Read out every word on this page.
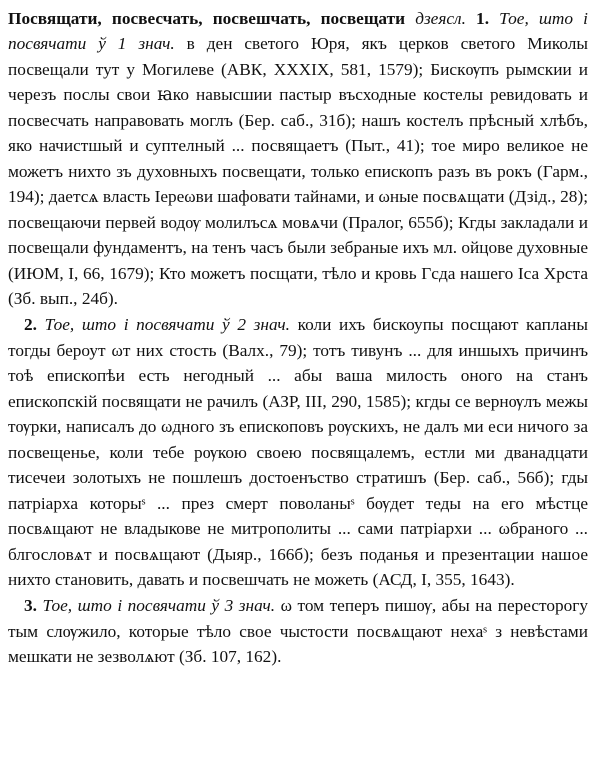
Посвящати, посвесчать, посвешчать, посвещати дзеясл. 1. Тое, што і посвячати ў 1 знач. в ден светого Юря, якъ церков светого Миколы посвещали тут у Могилеве (АВК, XXXIX, 581, 1579); Бискѹпъ рымскии и черезъ послы свои ꙗко навысшии пастыр въсходные костелы ревидовать и посвесчать направовать моглъ (Бер. саб., 31б); нашъ костелъ прѣсный хлѣбъ, яко начистшый и суптелный ... посвящаетъ (Пыт., 41); тое миро великое не можетъ нихто зъ духовныхъ посвещати, только епископъ разъ въ рокъ (Гарм., 194); даетсѧ власть Іереωви шафовати тайнами, и ωныe посвѧщати (Дзід., 28); посвещаючи первей водѹ молилъсѧ мовѧчи (Пралог, 655б); Кгды закладали и посвещали фундаментъ, на тенъ часъ были зебраные ихъ мл. ойцове духовные (ИЮМ, І, 66, 1679); Кто можетъ посщати, тѣло и кровь Гсда нашего Іса Хрста (Зб. вып., 24б).

2. Тое, што і посвячати ў 2 знач. коли ихъ бискоупы посщают капланы тогды бероут ωт них стость (Валх., 79); тотъ тивунъ ... для иншыхъ причинъ тоѣ епископѣи есть негодный ... абы ваша милость оного на станъ епископскій посвящати не рачилъ (АЗР, ІІІ, 290, 1585); кгды се вернѹлъ межы тѹрки, написалъ до ωдного зъ епископовъ рѹскихъ, не далъ ми еси ничого за посвещенье, коли тебе рѹкою своею посвящалемъ, естли ми дванадцати тисечеи золотыхъ не пошлешъ достоенъство стратишъ (Бер. саб., 56б); гды патріарха которыˢ ... през смерт поволаныˢ бѹдет теды на его мѣстце посвѧщают не владыкове не митрополиты ... сами патріархи ... ωбраного ... блгословѧт и посвѧщают (Дыяр., 166б); безъ поданья и презентации нашое нихто становить, давать и посвешчать не можеть (АСД, І, 355, 1643).

3. Тое, што і посвячати ў 3 знач. ω том теперъ пишѹ, абы на пересторогу тым слѹжило, которые тѣло свое чыстости посвѧщают нехаˢ з невѣстами мешкати не зезволѧют (Зб. 107, 162).
